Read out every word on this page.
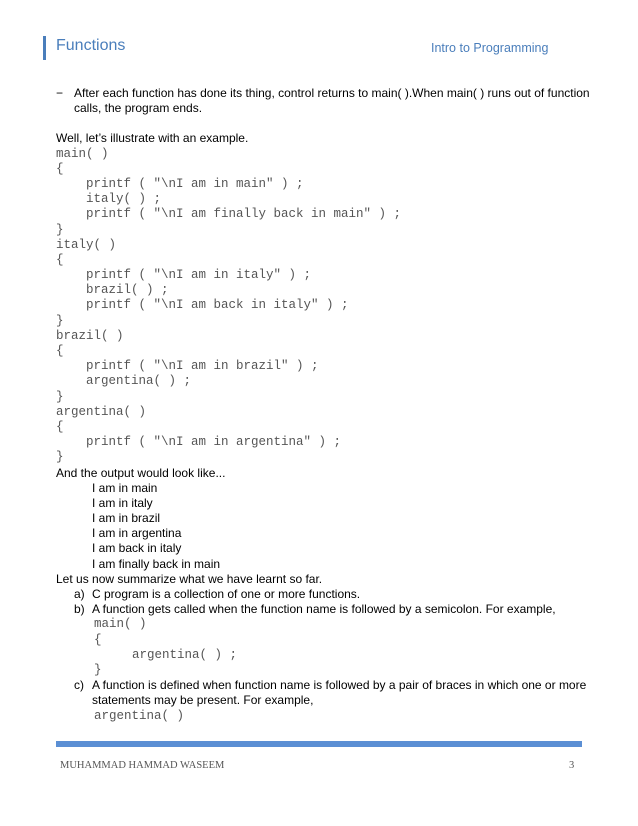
Functions	Intro to Programming
− After each function has done its thing, control returns to main( ).When main( ) runs out of function calls, the program ends.
Well, let’s illustrate with an example.
main( )
{
printf ( "\nI am in main" ) ;
italy( ) ;
printf ( "\nI am finally back in main" ) ;
}
italy( )
{
printf ( "\nI am in italy" ) ;
brazil( ) ;
printf ( "\nI am back in italy" ) ;
}
brazil( )
{
printf ( "\nI am in brazil" ) ;
argentina( ) ;
}
argentina( )
{
printf ( "\nI am in argentina" ) ;
}
And the output would look like...
I am in main
I am in italy
I am in brazil
I am in argentina
I am back in italy
I am finally back in main
Let us now summarize what we have learnt so far.
a) C program is a collection of one or more functions.
b) A function gets called when the function name is followed by a semicolon. For example,
main( )
{
argentina( ) ;
}
c) A function is defined when function name is followed by a pair of braces in which one or more statements may be present. For example,
argentina( )
MUHAMMAD HAMMAD WASEEM	3
